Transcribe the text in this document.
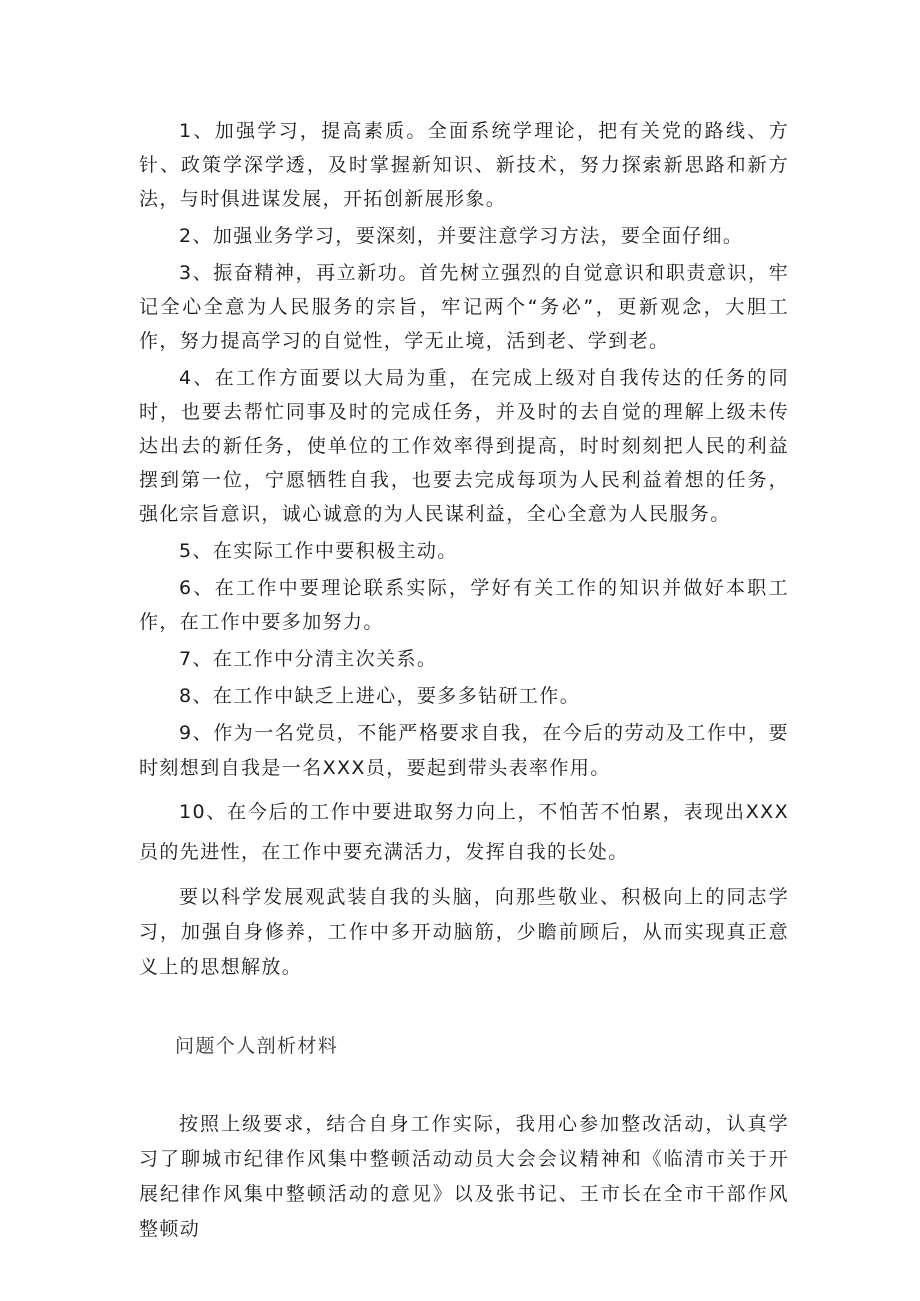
1、加强学习，提高素质。全面系统学理论，把有关党的路线、方针、政策学深学透，及时掌握新知识、新技术，努力探索新思路和新方法，与时俱进谋发展，开拓创新展形象。

2、加强业务学习，要深刻，并要注意学习方法，要全面仔细。

3、振奋精神，再立新功。首先树立强烈的自觉意识和职责意识，牢记全心全意为人民服务的宗旨，牢记两个“务必”，更新观念，大胆工作，努力提高学习的自觉性，学无止境，活到老、学到老。

4、在工作方面要以大局为重，在完成上级对自我传达的任务的同时，也要去帮忙同事及时的完成任务，并及时的去自觉的理解上级未传达出去的新任务，使单位的工作效率得到提高，时时刻刻把人民的利益摆到第一位，宁愿牺牲自我，也要去完成每项为人民利益着想的任务，强化宗旨意识，诚心诚意的为人民谋利益，全心全意为人民服务。

5、在实际工作中要积极主动。

6、在工作中要理论联系实际，学好有关工作的知识并做好本职工作，在工作中要多加努力。

7、在工作中分清主次关系。

8、在工作中缺乏上进心，要多多钻研工作。

9、作为一名党员，不能严格要求自我，在今后的劳动及工作中，要时刻想到自我是一名XXX员，要起到带头表率作用。

10、在今后的工作中要进取努力向上，不怕苦不怕累，表现出XXX员的先进性，在工作中要充满活力，发挥自我的长处。

要以科学发展观武装自我的头脑，向那些敬业、积极向上的同志学习，加强自身修养，工作中多开动脑筋，少瞻前顾后，从而实现真正意义上的思想解放。

问题个人剖析材料

按照上级要求，结合自身工作实际，我用心参加整改活动，认真学习了聊城市纪律作风集中整顿活动动员大会会议精神和《临清市关于开展纪律作风集中整顿活动的意见》以及张书记、王市长在全市干部作风整顿动
